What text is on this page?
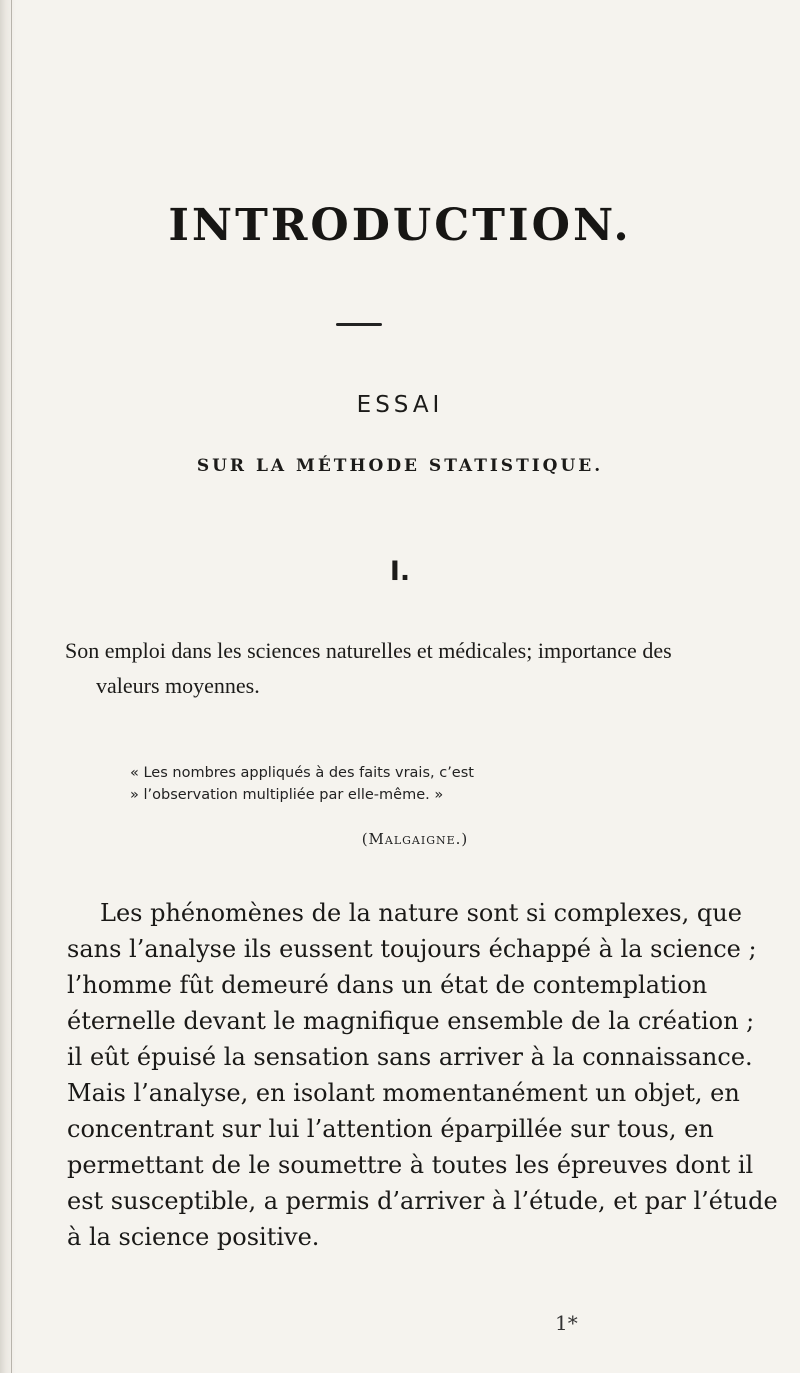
INTRODUCTION.
ESSAI
SUR LA MÉTHODE STATISTIQUE.
I.
Son emploi dans les sciences naturelles et médicales; importance des
valeurs moyennes.
« Les nombres appliqués à des faits vrais, c’est
» l’observation multipliée par elle-même. »
(Malgaigne.)
Les phénomènes de la nature sont si complexes, que
sans l’analyse ils eussent toujours échappé à la science ;
l’homme fût demeuré dans un état de contemplation
éternelle devant le magnifique ensemble de la création ;
il eût épuisé la sensation sans arriver à la connaissance.
Mais l’analyse, en isolant momentanément un objet, en
concentrant sur lui l’attention éparpillée sur tous, en
permettant de le soumettre à toutes les épreuves dont il
est susceptible, a permis d’arriver à l’étude, et par l’étude
à la science positive.
1*
